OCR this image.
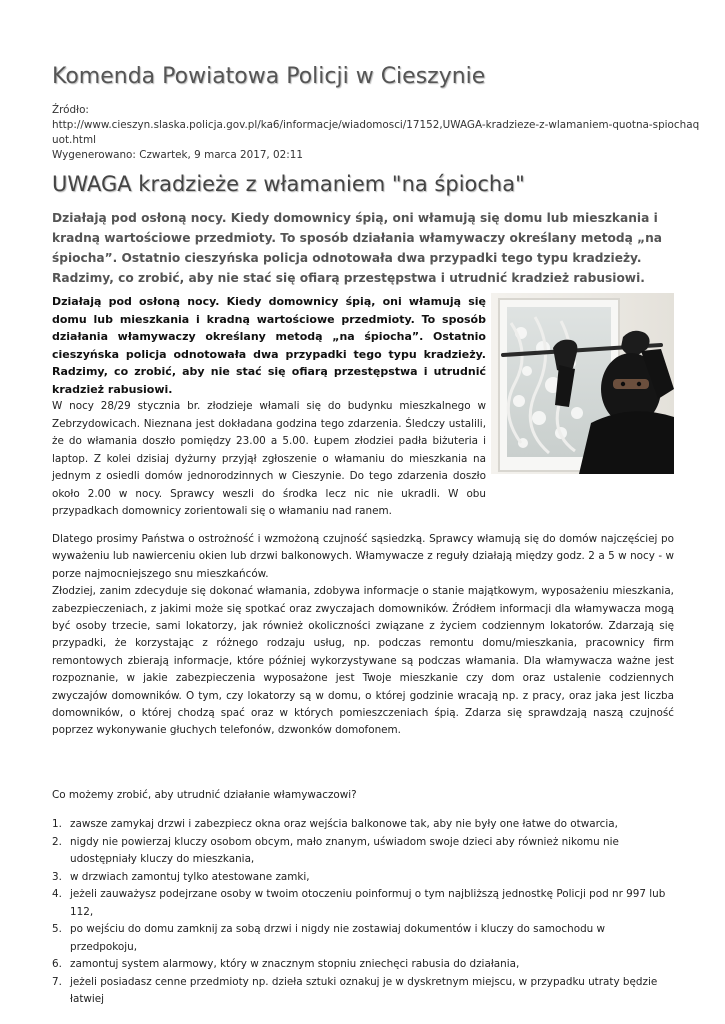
Komenda Powiatowa Policji w Cieszynie
Źródło:
http://www.cieszyn.slaska.policja.gov.pl/ka6/informacje/wiadomosci/17152,UWAGA-kradzieze-z-wlamaniem-quotna-spiochaq
uot.html
Wygenerowano: Czwartek, 9 marca 2017, 02:11
UWAGA kradzieże z włamaniem "na śpiocha"

Działają pod osłoną nocy. Kiedy domownicy śpią, oni włamują się domu lub mieszkania i kradną wartościowe przedmioty. To sposób działania włamywaczy określany metodą „na śpiocha”. Ostatnio cieszyńska policja odnotowała dwa przypadki tego typu kradzieży. Radzimy, co zrobić, aby nie stać się ofiarą przestępstwa i utrudnić kradzież rabusiowi.

Działają pod osłoną nocy. Kiedy domownicy śpią, oni włamują się domu lub mieszkania i kradną wartościowe przedmioty. To sposób działania włamywaczy określany metodą „na śpiocha”. Ostatnio cieszyńska policja odnotowała dwa przypadki tego typu kradzieży. Radzimy, co zrobić, aby nie stać się ofiarą przestępstwa i utrudnić kradzież rabusiowi.

W nocy 28/29 stycznia br. złodzieje włamali się do budynku mieszkalnego w Zebrzydowicach. Nieznana jest dokładana godzina tego zdarzenia. Śledczy ustalili, że do włamania doszło pomiędzy 23.00 a 5.00. Łupem złodziei padła biżuteria i laptop. Z kolei dzisiaj dyżurny przyjął zgłoszenie o włamaniu do mieszkania na jednym z osiedli domów jednorodzinnych w Cieszynie. Do tego zdarzenia doszło około 2.00 w nocy. Sprawcy weszli do środka lecz nic nie ukradli. W obu przypadkach domownicy zorientowali się o włamaniu nad ranem.

Dlatego prosimy Państwa o ostrożność i wzmożoną czujność sąsiedzką. Sprawcy włamują się do domów najczęściej po wyważeniu lub nawierceniu okien lub drzwi balkonowych. Włamywacze z reguły działają między godz. 2 a 5 w nocy - w porze najmocniejszego snu mieszkańców.

Złodziej, zanim zdecyduje się dokonać włamania, zdobywa informacje o stanie majątkowym, wyposażeniu mieszkania, zabezpieczeniach, z jakimi może się spotkać oraz zwyczajach domowników. Źródłem informacji dla włamywacza mogą być osoby trzecie, sami lokatorzy, jak również okoliczności związane z życiem codziennym lokatorów. Zdarzają się przypadki, że korzystając z różnego rodzaju usług, np. podczas remontu domu/mieszkania, pracownicy firm remontowych zbierają informacje, które później wykorzystywane są podczas włamania. Dla włamywacza ważne jest rozpoznanie, w jakie zabezpieczenia wyposażone jest Twoje mieszkanie czy dom oraz ustalenie codziennych zwyczajów domowników. O tym, czy lokatorzy są w domu, o której godzinie wracają np. z pracy, oraz jaka jest liczba domowników, o której chodzą spać oraz w których pomieszczeniach śpią. Zdarza się sprawdzają naszą czujność poprzez wykonywanie głuchych telefonów, dzwonków domofonem.

Co możemy zrobić, aby utrudnić działanie włamywaczowi?

1. zawsze zamykaj drzwi i zabezpiecz okna oraz wejścia balkonowe tak, aby nie były one łatwe do otwarcia,
2. nigdy nie powierzaj kluczy osobom obcym, mało znanym, uświadom swoje dzieci aby również nikomu nie udostępniały kluczy do mieszkania,
3. w drzwiach zamontuj tylko atestowane zamki,
4. jeżeli zauważysz podejrzane osoby w twoim otoczeniu poinformuj o tym najbliższą jednostkę Policji pod nr 997 lub 112,
5. po wejściu do domu zamknij za sobą drzwi i nigdy nie zostawiaj dokumentów i kluczy do samochodu w przedpokoju,
6. zamontuj system alarmowy, który w znacznym stopniu zniechęci rabusia do działania,
7. jeżeli posiadasz cenne przedmioty np. dzieła sztuki oznakuj je w dyskretnym miejscu, w przypadku utraty będzie łatwiej
